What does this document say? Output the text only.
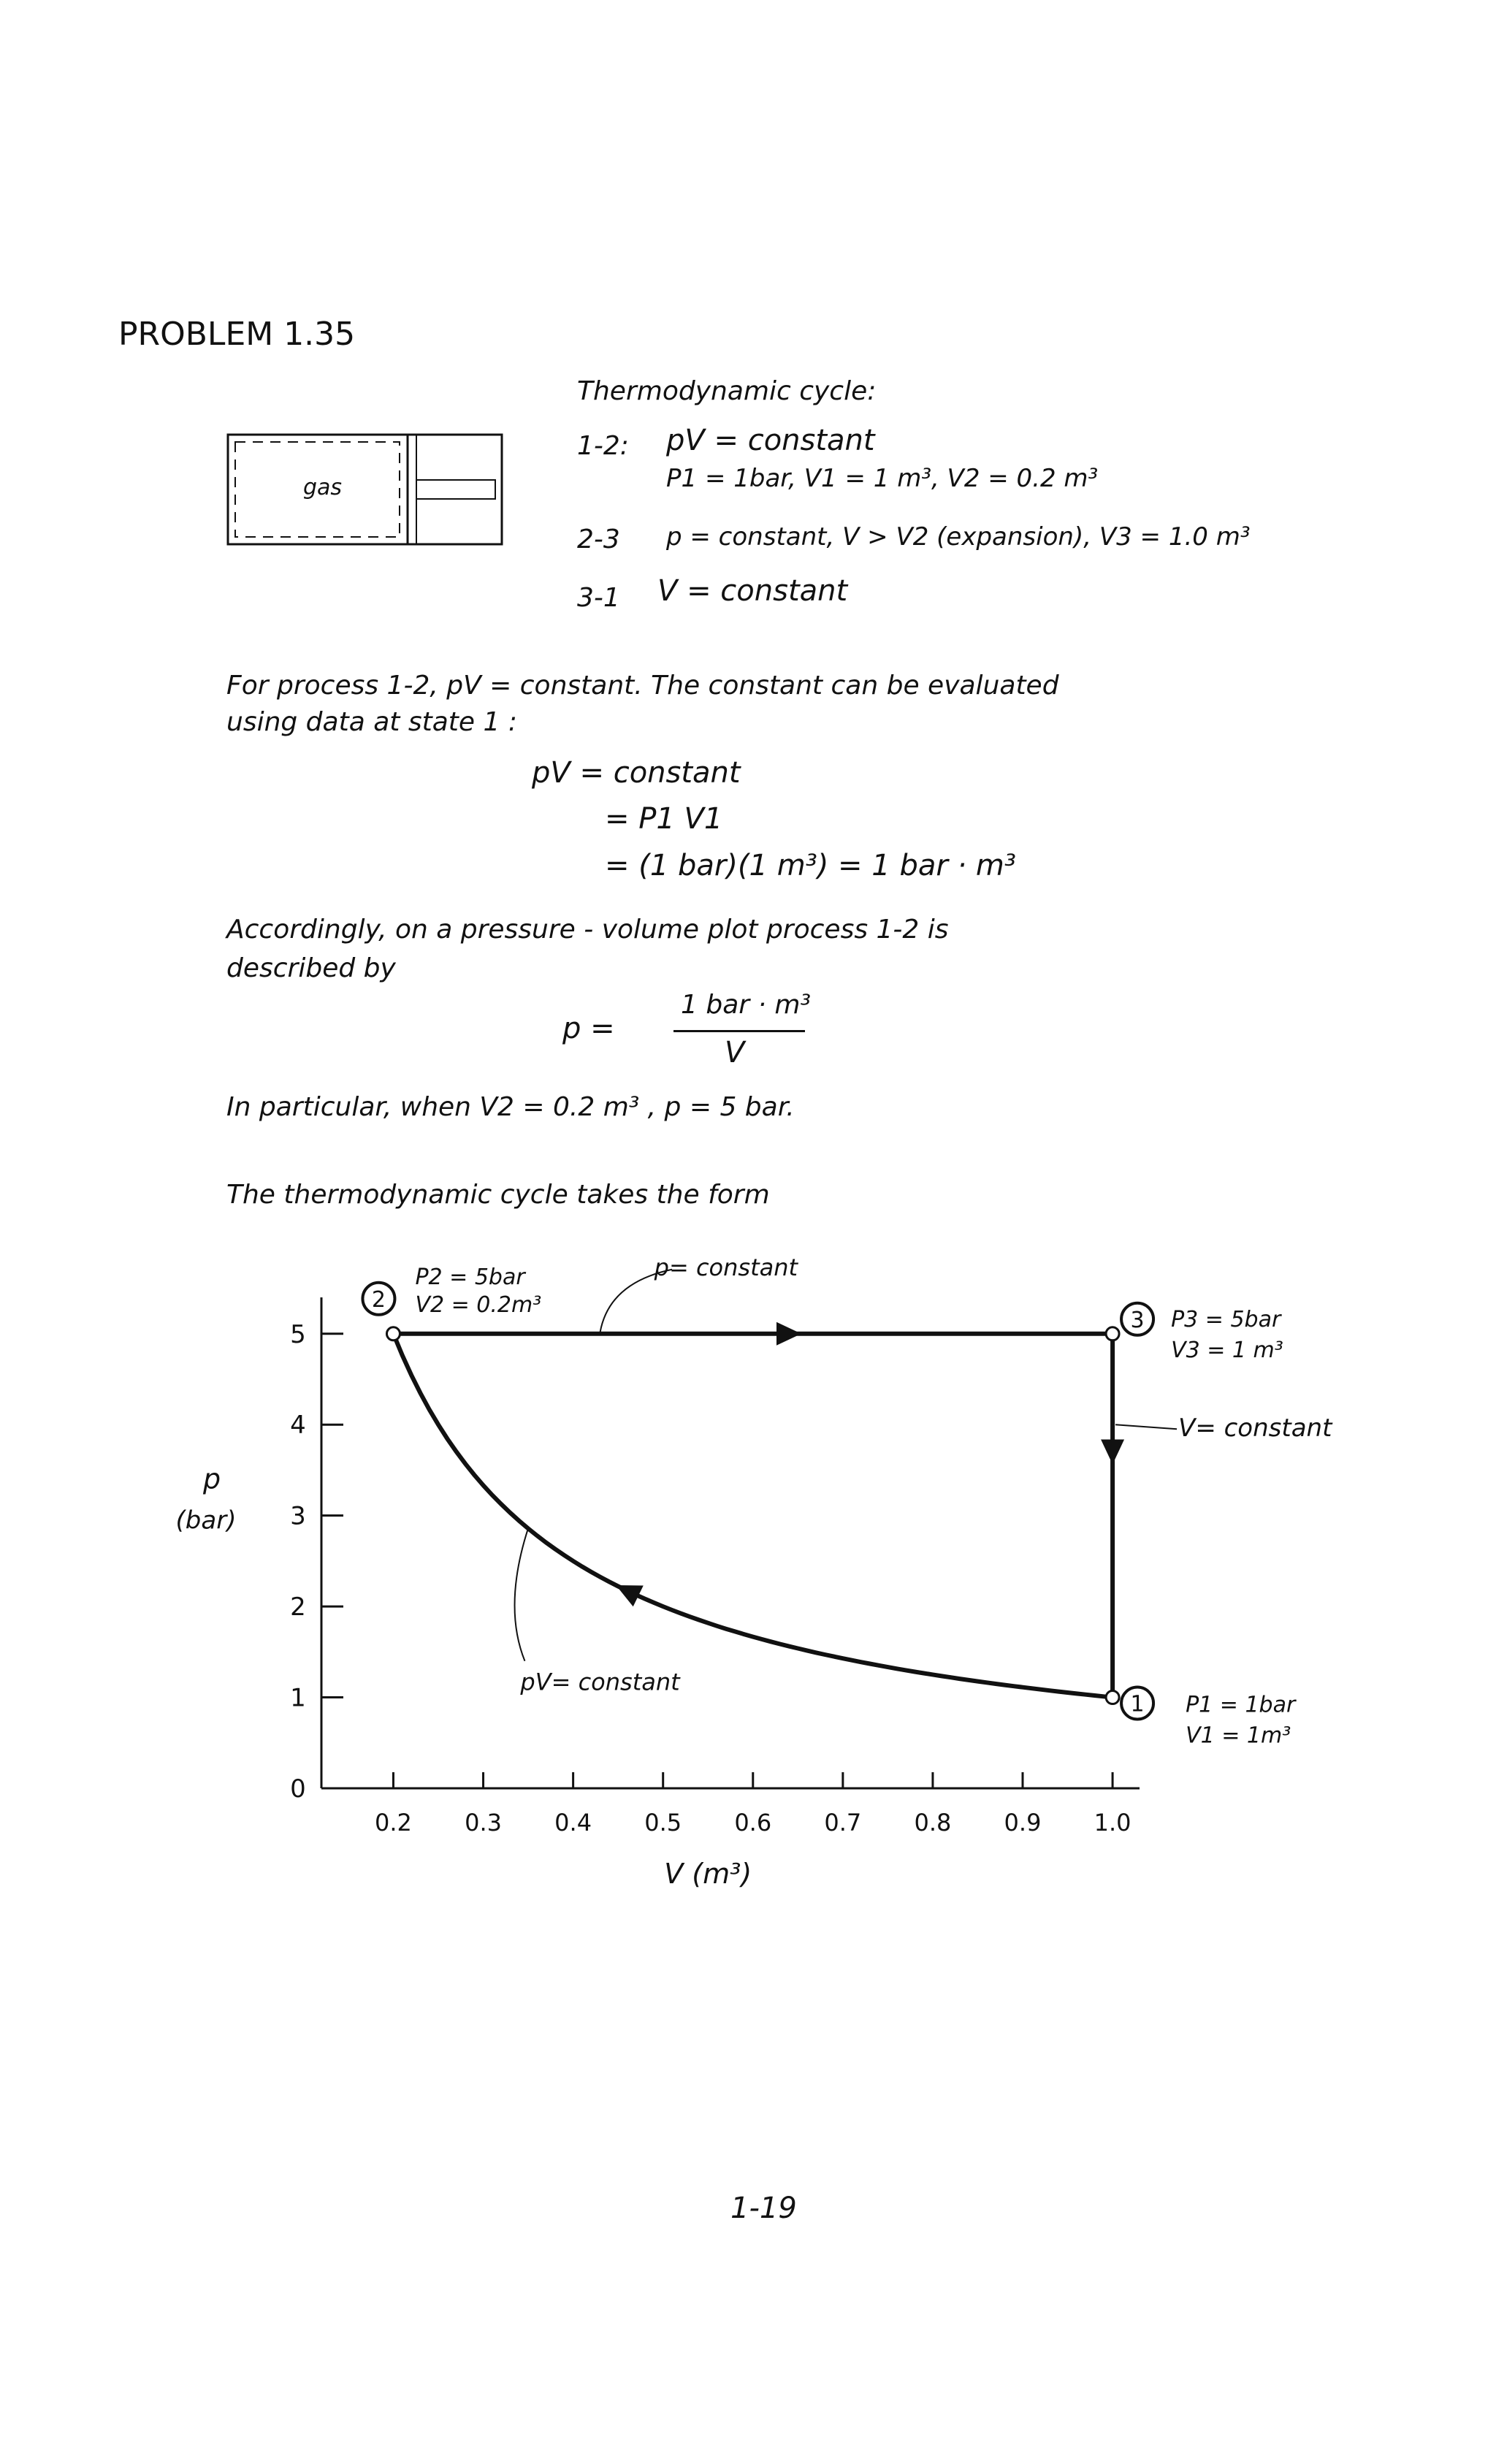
PROBLEM 1.35
gas
Thermodynamic cycle:
1-2: pV = constant
P1 = 1bar, V1 = 1 m³, V2 = 0.2 m³
2-3 p = constant, V > V2 (expansion), V3 = 1.0 m³
3-1 V = constant
For process 1-2, pV = constant. The constant can be evaluated
using data at state 1 :
pV = constant
= P1 V1
= (1 bar)(1 m³) = 1 bar · m³
Accordingly, on a pressure - volume plot process 1-2 is
described by
p =
1 bar · m³
V
In particular, when V2 = 0.2 m³ , p = 5 bar.
The thermodynamic cycle takes the form
0.2 0.3 0.4 0.5 0.6 0.7 0.8 0.9 1.0
0
1
2
3
4
5
V (m³)
p
(bar)
2
P2 = 5bar
V2 = 0.2m³
3 P3 = 5bar
V3 = 1 m³
1 P1 = 1bar
V1 = 1m³
p= constant
V= constant
pV= constant
1-19
